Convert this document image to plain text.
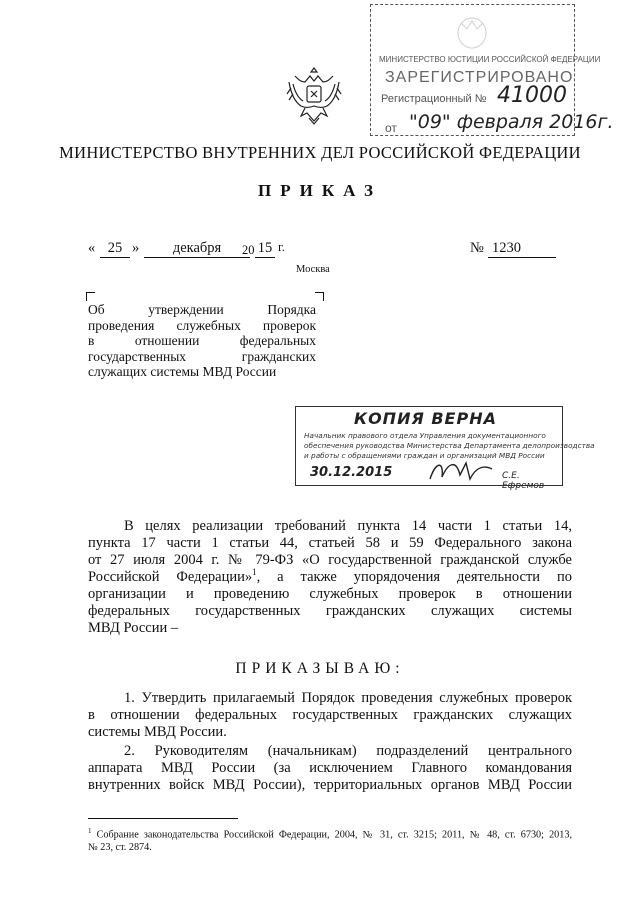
МИНИСТЕРСТВО ЮСТИЦИИ РОССИЙСКОЙ ФЕДЕРАЦИИ
ЗАРЕГИСТРИРОВАНО
Регистрационный № 41000
от "09" февраля 2016г.
МИНИСТЕРСТВО ВНУТРЕННИХ ДЕЛ РОССИЙСКОЙ ФЕДЕРАЦИИ
ПРИКАЗ
« 25 »	декабря	20 15 г.	№ 1230
Москва
Об утверждении Порядка
проведения служебных проверок
в отношении федеральных
государственных гражданских
служащих системы МВД России
КОПИЯ ВЕРНА
Начальник правового отдела Управления документационного
обеспечения руководства Министерства Департамента делопроизводства
и работы с обращениями граждан и организаций МВД России
30.12.2015	С.Е. Ефремов
В целях реализации требований пункта 14 части 1 статьи 14,
пункта 17 части 1 статьи 44, статьей 58 и 59 Федерального закона
от 27 июля 2004 г. № 79-ФЗ «О государственной гражданской службе
Российской Федерации»$^1$, а также упорядочения деятельности по
организации и проведению служебных проверок в отношении
федеральных государственных гражданских служащих системы
МВД России –
ПРИКАЗЫВАЮ:
1. Утвердить прилагаемый Порядок проведения служебных проверок
в отношении федеральных государственных гражданских служащих
системы МВД России.
2. Руководителям (начальникам) подразделений центрального
аппарата МВД России (за исключением Главного командования
внутренних войск МВД России), территориальных органов МВД России
$^1$ Собрание законодательства Российской Федерации, 2004, № 31, ст. 3215; 2011, № 48, ст. 6730; 2013,
№ 23, ст. 2874.
